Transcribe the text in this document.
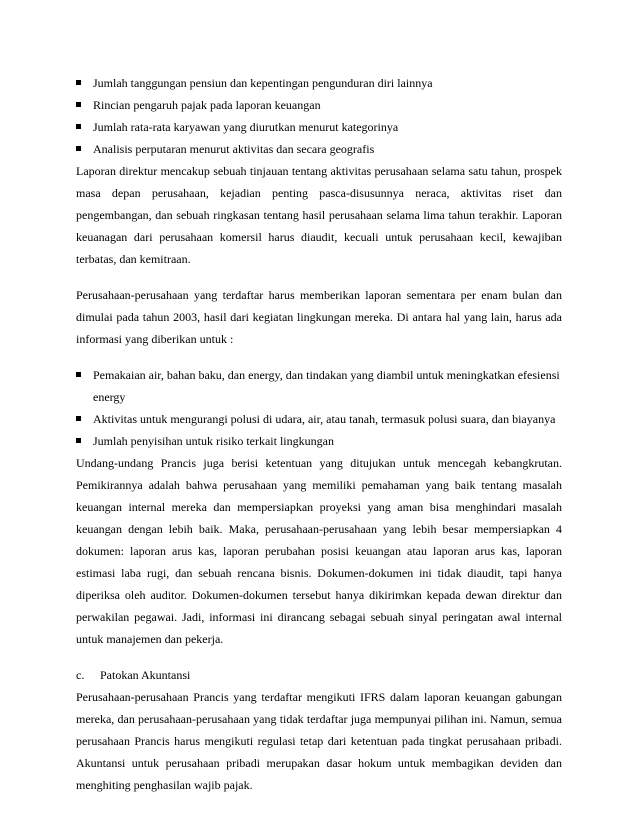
Jumlah tanggungan pensiun dan kepentingan pengunduran diri lainnya
Rincian pengaruh pajak pada laporan keuangan
Jumlah rata-rata karyawan yang diurutkan menurut kategorinya
Analisis perputaran menurut aktivitas dan secara geografis

Laporan direktur mencakup sebuah tinjauan tentang aktivitas perusahaan selama satu tahun, prospek masa depan perusahaan, kejadian penting pasca-disusunnya neraca, aktivitas riset dan pengembangan, dan sebuah ringkasan tentang hasil perusahaan selama lima tahun terakhir. Laporan keuanagan dari perusahaan komersil harus diaudit, kecuali untuk perusahaan kecil, kewajiban terbatas, dan kemitraan.

Perusahaan-perusahaan yang terdaftar harus memberikan laporan sementara per enam bulan dan dimulai pada tahun 2003, hasil dari kegiatan lingkungan mereka. Di antara hal yang lain, harus ada informasi yang diberikan untuk :

Pemakaian air, bahan baku, dan energy, dan tindakan yang diambil untuk meningkatkan efesiensi energy
Aktivitas untuk mengurangi polusi di udara, air, atau tanah, termasuk polusi suara, dan biayanya
Jumlah penyisihan untuk risiko terkait lingkungan

Undang-undang Prancis juga berisi ketentuan yang ditujukan untuk mencegah kebangkrutan. Pemikirannya adalah bahwa perusahaan yang memiliki pemahaman yang baik tentang masalah keuangan internal mereka dan mempersiapkan proyeksi yang aman bisa menghindari masalah keuangan dengan lebih baik. Maka, perusahaan-perusahaan yang lebih besar mempersiapkan 4 dokumen: laporan arus kas, laporan perubahan posisi keuangan atau laporan arus kas, laporan estimasi laba rugi, dan sebuah rencana bisnis. Dokumen-dokumen ini tidak diaudit, tapi hanya diperiksa oleh auditor. Dokumen-dokumen tersebut hanya dikirimkan kepada dewan direktur dan perwakilan pegawai. Jadi, informasi ini dirancang sebagai sebuah sinyal peringatan awal internal untuk manajemen dan pekerja.

c. Patokan Akuntansi

Perusahaan-perusahaan Prancis yang terdaftar mengikuti IFRS dalam laporan keuangan gabungan mereka, dan perusahaan-perusahaan yang tidak terdaftar juga mempunyai pilihan ini. Namun, semua perusahaan Prancis harus mengikuti regulasi tetap dari ketentuan pada tingkat perusahaan pribadi. Akuntansi untuk perusahaan pribadi merupakan dasar hokum untuk membagikan deviden dan menghiting penghasilan wajib pajak.
